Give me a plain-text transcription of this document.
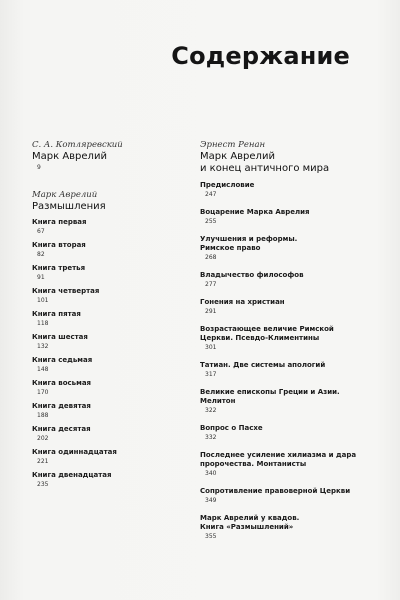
Содержание
С. А. Котляревский
Марк Аврелий
9
Марк Аврелий
Размышления
Книга первая
67
Книга вторая
82
Книга третья
91
Книга четвертая
101
Книга пятая
118
Книга шестая
132
Книга седьмая
148
Книга восьмая
170
Книга девятая
188
Книга десятая
202
Книга одиннадцатая
221
Книга двенадцатая
235
Эрнест Ренан
Марк Аврелий
и конец античного мира
Предисловие
247
Воцарение Марка Аврелия
255
Улучшения и реформы.
Римское право
268
Владычество философов
277
Гонения на христиан
291
Возрастающее величие Римской
Церкви. Псевдо-Климентины
301
Татиан. Две системы апологий
317
Великие епископы Греции и Азии.
Мелитон
322
Вопрос о Пасхе
332
Последнее усиление хилиазма и дара
пророчества. Монтанисты
340
Сопротивление правоверной Церкви
349
Марк Аврелий у квадов.
Книга «Размышлений»
355
